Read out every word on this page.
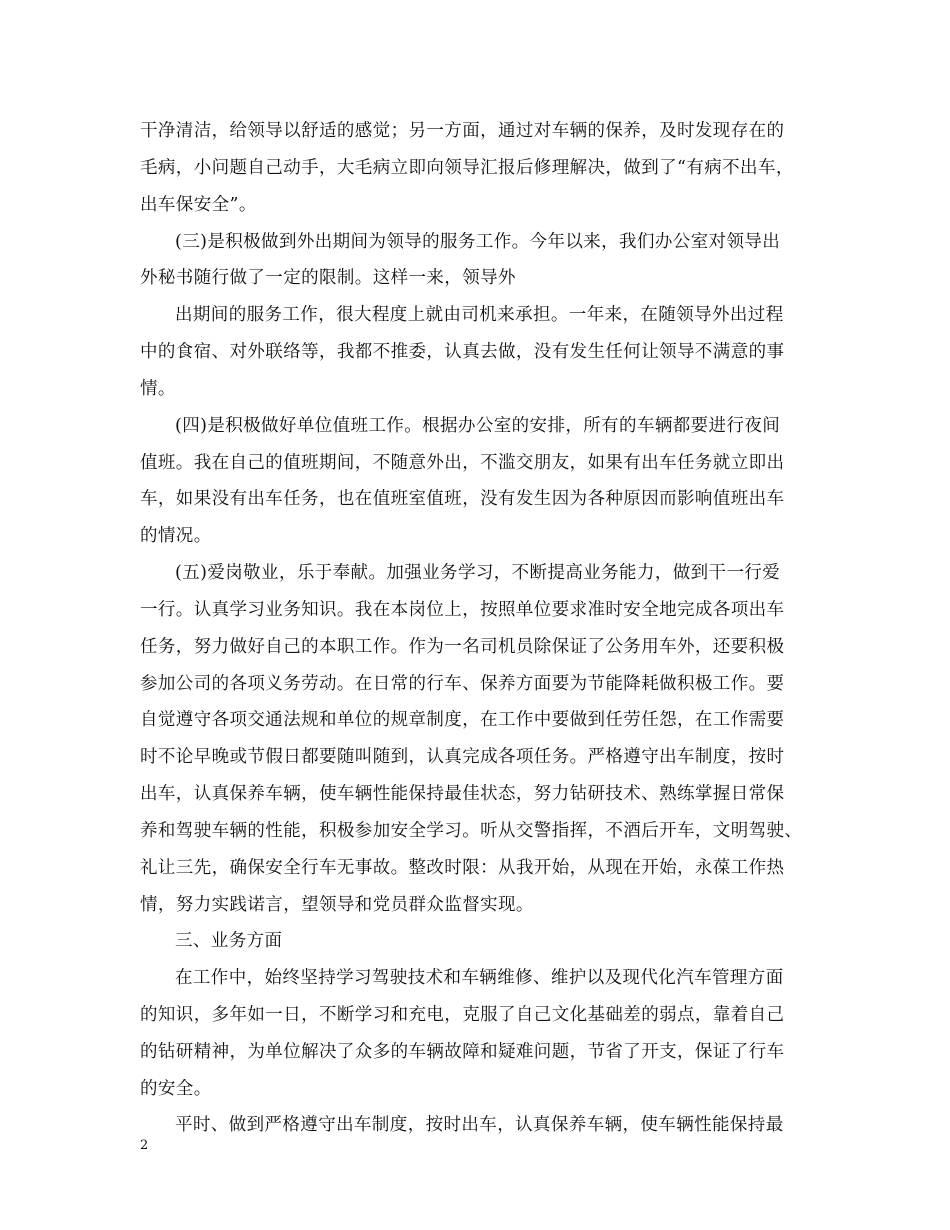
干净清洁，给领导以舒适的感觉；另一方面，通过对车辆的保养，及时发现存在的
毛病，小问题自己动手，大毛病立即向领导汇报后修理解决，做到了“有病不出车，
出车保安全”。
(三)是积极做到外出期间为领导的服务工作。今年以来，我们办公室对领导出
外秘书随行做了一定的限制。这样一来，领导外
出期间的服务工作，很大程度上就由司机来承担。一年来，在随领导外出过程
中的食宿、对外联络等，我都不推委，认真去做，没有发生任何让领导不满意的事
情。
(四)是积极做好单位值班工作。根据办公室的安排，所有的车辆都要进行夜间
值班。我在自己的值班期间，不随意外出，不滥交朋友，如果有出车任务就立即出
车，如果没有出车任务，也在值班室值班，没有发生因为各种原因而影响值班出车
的情况。
(五)爱岗敬业，乐于奉献。加强业务学习，不断提高业务能力，做到干一行爱
一行。认真学习业务知识。我在本岗位上，按照单位要求准时安全地完成各项出车
任务，努力做好自己的本职工作。作为一名司机员除保证了公务用车外，还要积极
参加公司的各项义务劳动。在日常的行车、保养方面要为节能降耗做积极工作。要
自觉遵守各项交通法规和单位的规章制度，在工作中要做到任劳任怨，在工作需要
时不论早晚或节假日都要随叫随到，认真完成各项任务。严格遵守出车制度，按时
出车，认真保养车辆，使车辆性能保持最佳状态，努力钻研技术、熟练掌握日常保
养和驾驶车辆的性能，积极参加安全学习。听从交警指挥，不酒后开车，文明驾驶、
礼让三先，确保安全行车无事故。整改时限：从我开始，从现在开始，永葆工作热
情，努力实践诺言，望领导和党员群众监督实现。
三、业务方面
在工作中，始终坚持学习驾驶技术和车辆维修、维护以及现代化汽车管理方面
的知识，多年如一日，不断学习和充电，克服了自己文化基础差的弱点，靠着自己
的钻研精神，为单位解决了众多的车辆故障和疑难问题，节省了开支，保证了行车
的安全。
平时、做到严格遵守出车制度，按时出车，认真保养车辆，使车辆性能保持最
2
